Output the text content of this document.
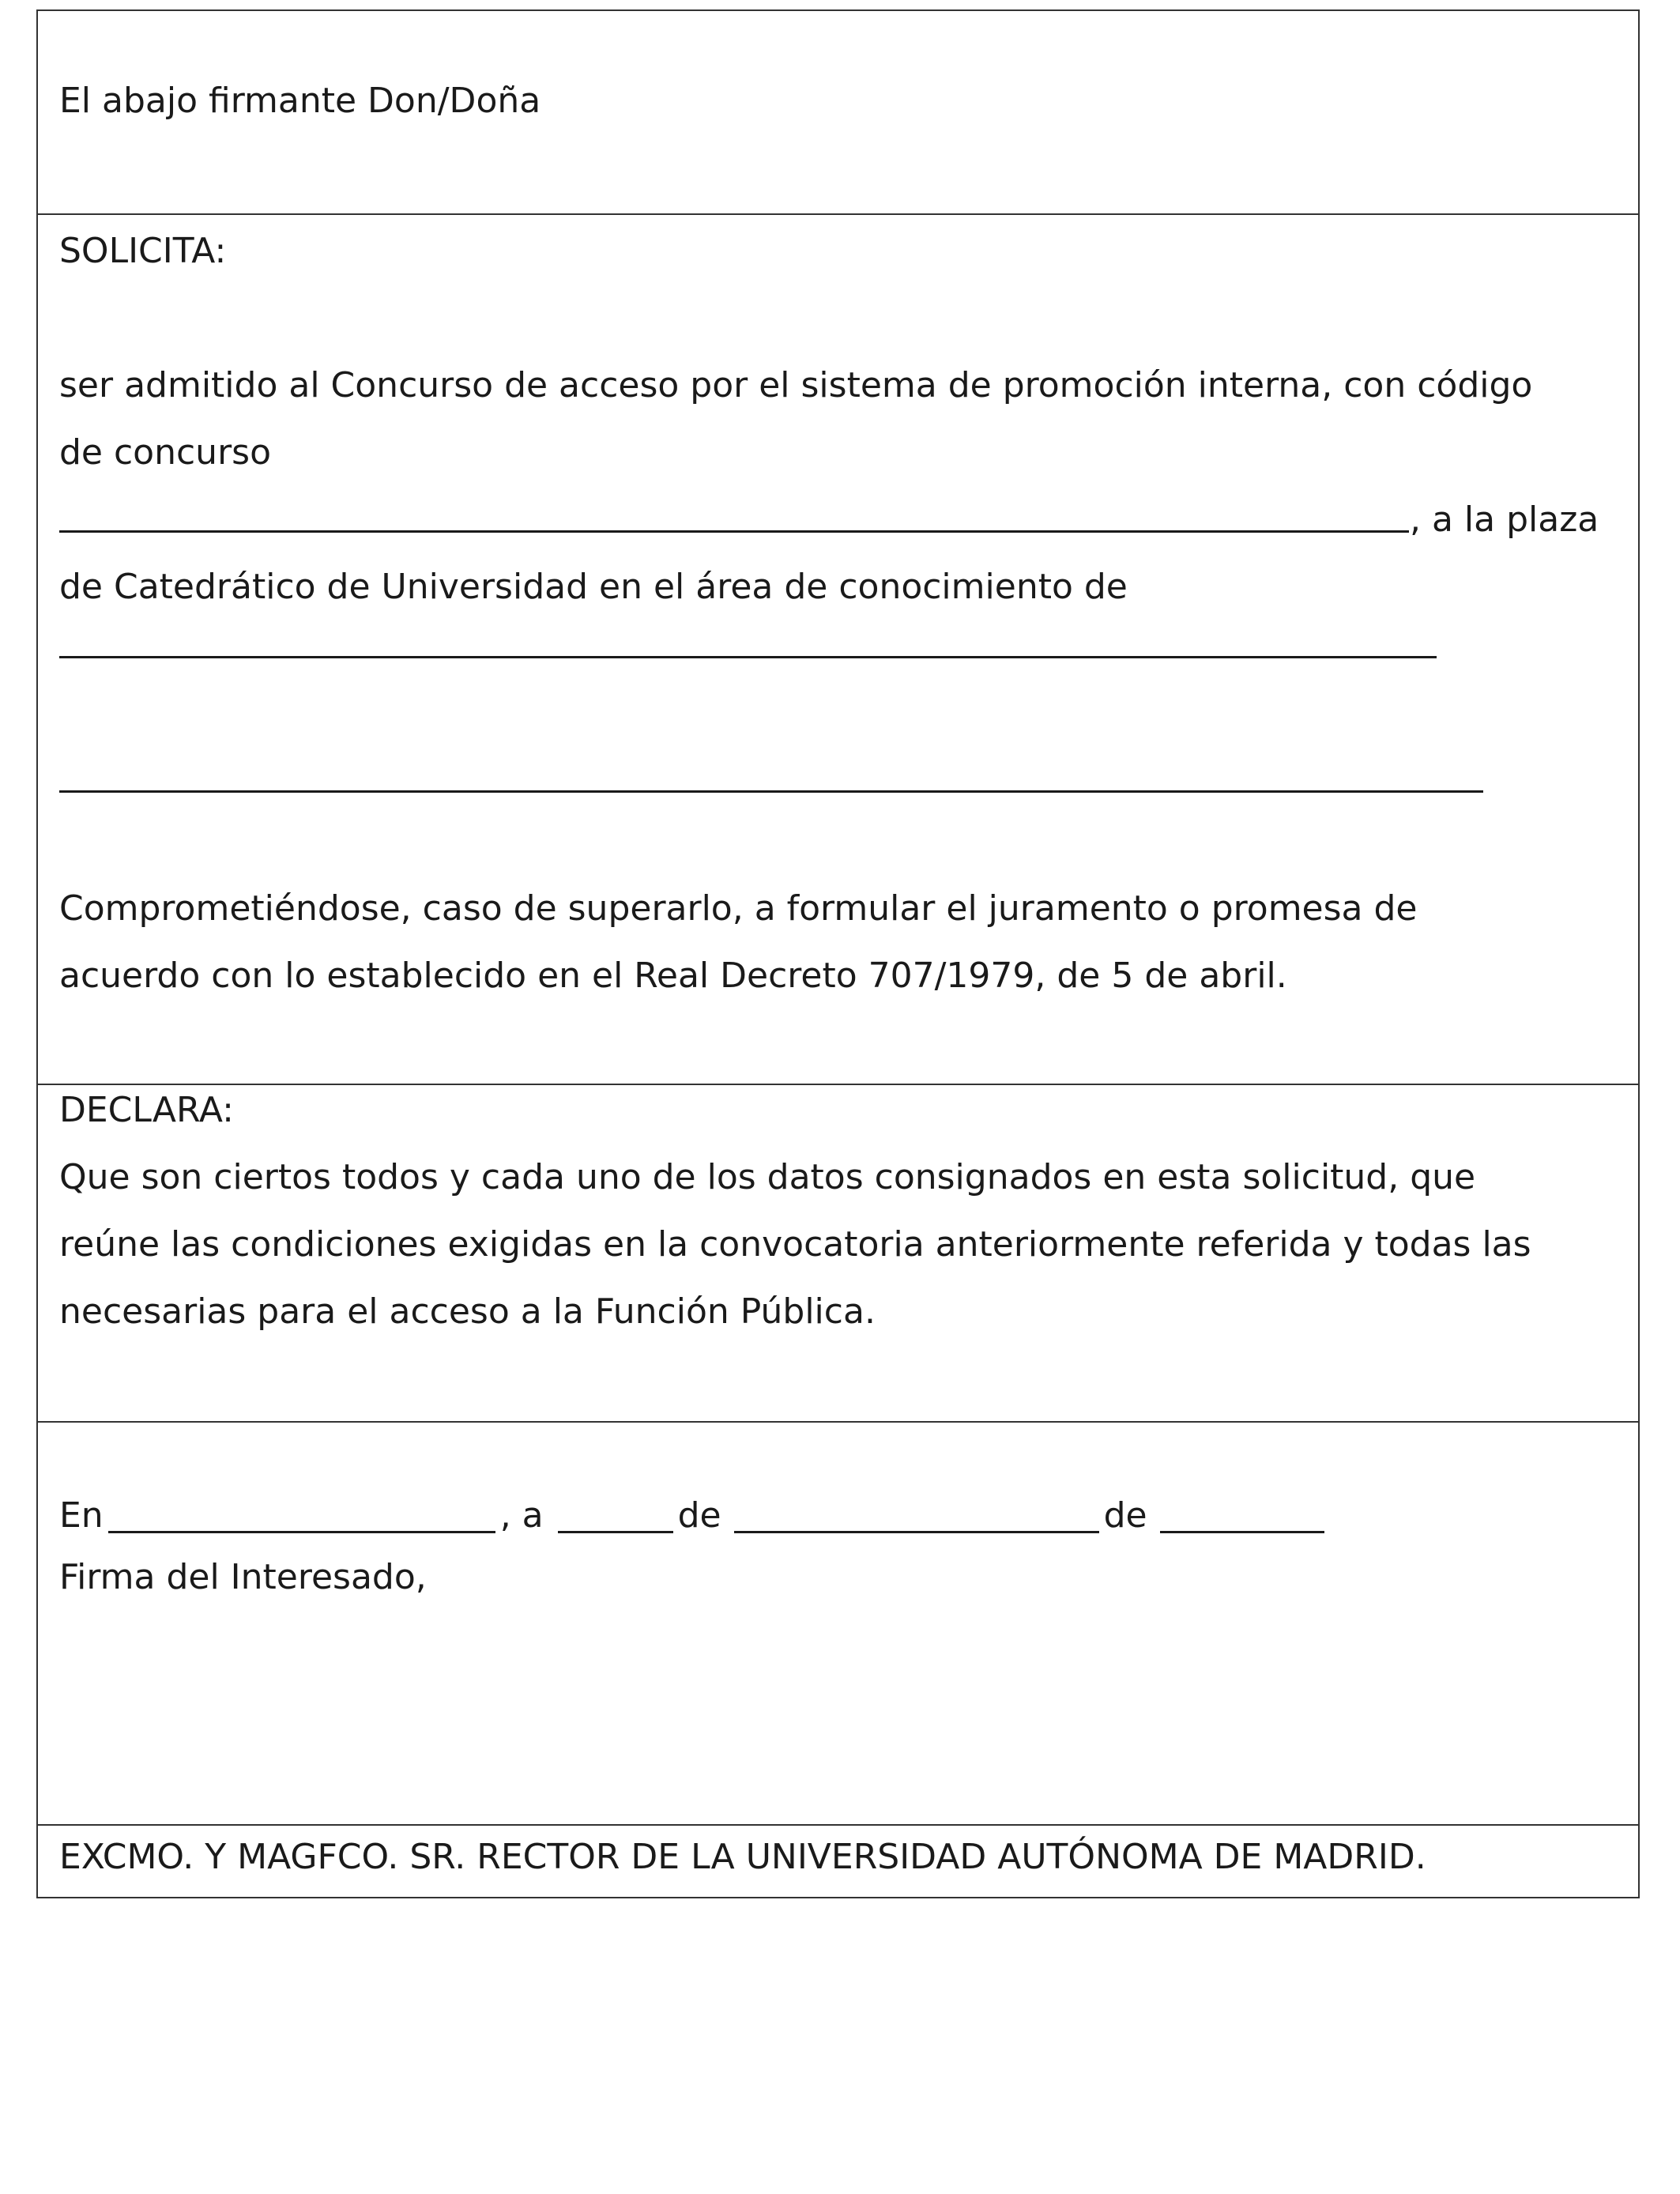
El abajo firmante Don/Doña
SOLICITA:
ser admitido al Concurso de acceso por el sistema de promoción interna, con código
de concurso
, a la plaza
de Catedrático de Universidad en el área de conocimiento de
Comprometiéndose, caso de superarlo, a formular el juramento o promesa de
acuerdo con lo establecido en el Real Decreto 707/1979, de 5 de abril.
DECLARA:
Que son ciertos todos y cada uno de los datos consignados en esta solicitud, que
reúne las condiciones exigidas en la convocatoria anteriormente referida y todas las
necesarias para el acceso a la Función Pública.
En	, a	de	de
Firma del Interesado,
EXCMO. Y MAGFCO. SR. RECTOR DE LA UNIVERSIDAD AUTÓNOMA DE MADRID.
